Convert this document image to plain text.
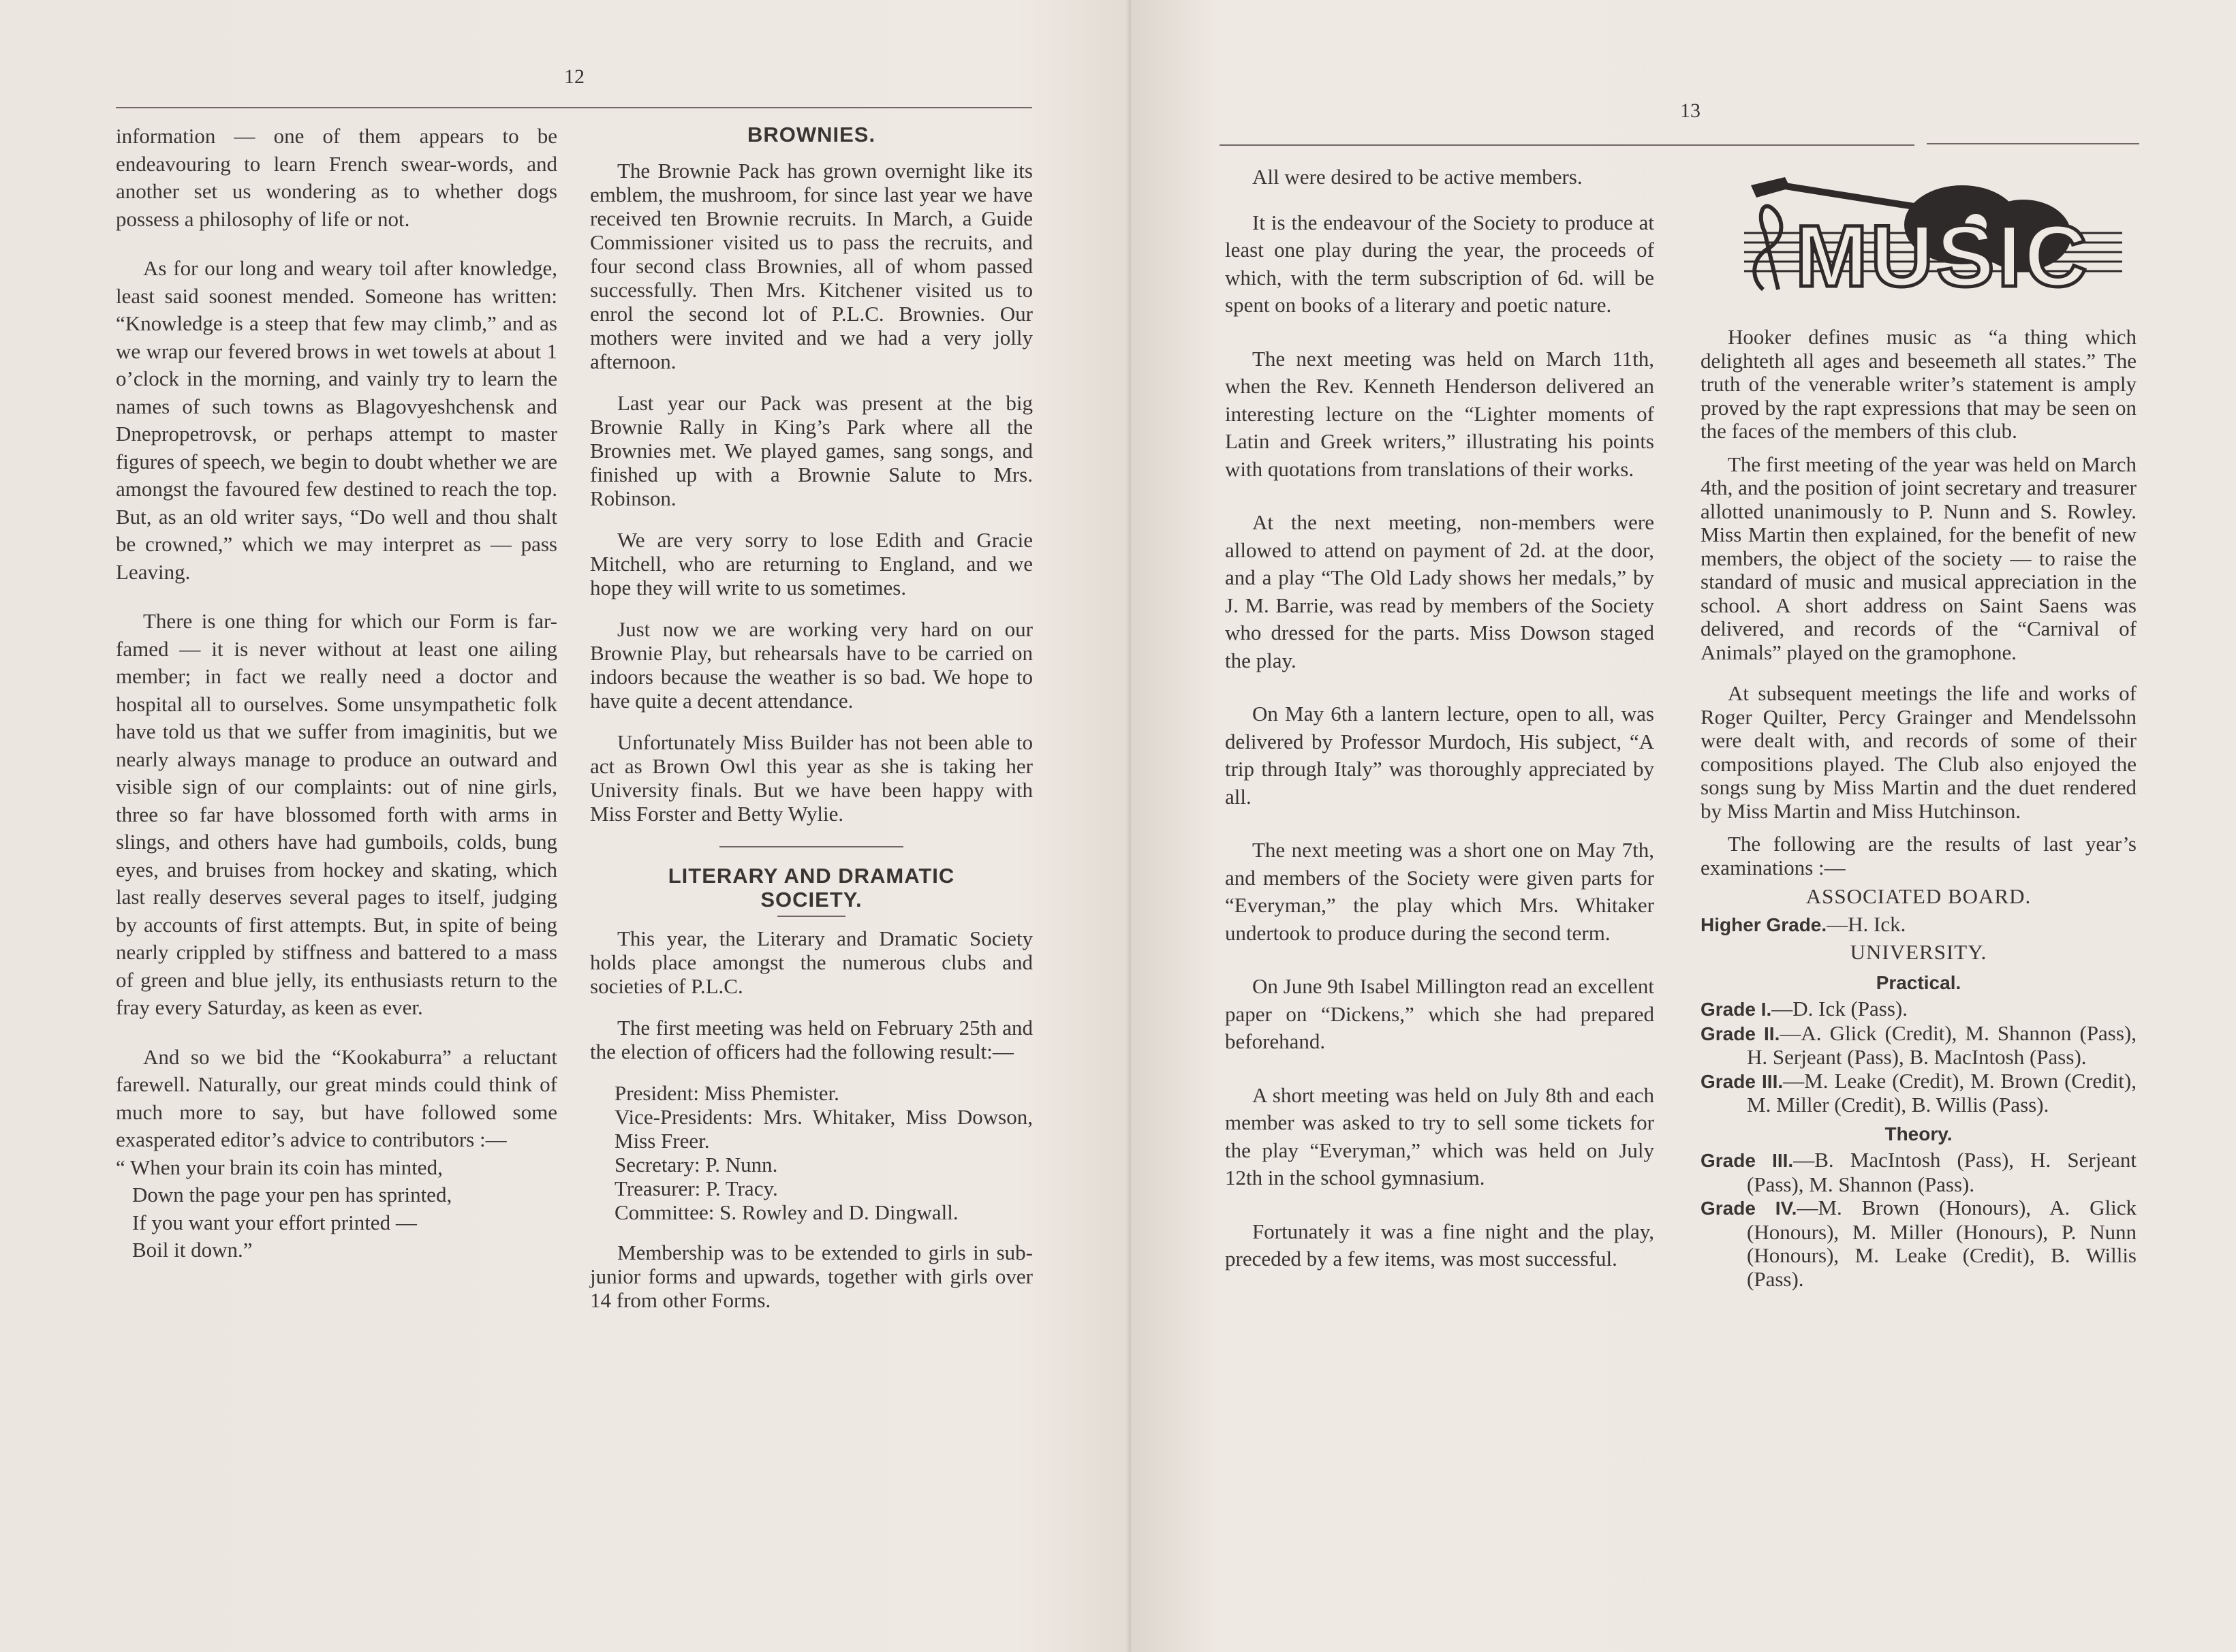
12

information — one of them appears to be endeavouring to learn French swear-words, and another set us wondering as to whether dogs possess a philosophy of life or not.

As for our long and weary toil after knowledge, least said soonest mended. Someone has written: “Knowledge is a steep that few may climb,” and as we wrap our fevered brows in wet towels at about 1 o’clock in the morning, and vainly try to learn the names of such towns as Blagovyeshchensk and Dnepropetrovsk, or perhaps attempt to master figures of speech, we begin to doubt whether we are amongst the favoured few destined to reach the top. But, as an old writer says, “Do well and thou shalt be crowned,” which we may interpret as — pass Leaving.

There is one thing for which our Form is far-famed — it is never without at least one ailing member; in fact we really need a doctor and hospital all to ourselves. Some unsympathetic folk have told us that we suffer from imaginitis, but we nearly always manage to produce an outward and visible sign of our complaints: out of nine girls, three so far have blossomed forth with arms in slings, and others have had gumboils, colds, bung eyes, and bruises from hockey and skating, which last really deserves several pages to itself, judging by accounts of first attempts. But, in spite of being nearly crippled by stiffness and battered to a mass of green and blue jelly, its enthusiasts return to the fray every Saturday, as keen as ever.

And so we bid the “Kookaburra” a reluctant farewell. Naturally, our great minds could think of much more to say, but have followed some exasperated editor’s advice to contributors :—

“ When your brain its coin has minted,
Down the page your pen has sprinted,
If you want your effort printed —
Boil it down.”
BROWNIES.

The Brownie Pack has grown overnight like its emblem, the mushroom, for since last year we have received ten Brownie recruits. In March, a Guide Commissioner visited us to pass the recruits, and four second class Brownies, all of whom passed successfully. Then Mrs. Kitchener visited us to enrol the second lot of P.L.C. Brownies. Our mothers were invited and we had a very jolly afternoon.

Last year our Pack was present at the big Brownie Rally in King’s Park where all the Brownies met. We played games, sang songs, and finished up with a Brownie Salute to Mrs. Robinson.

We are very sorry to lose Edith and Gracie Mitchell, who are returning to England, and we hope they will write to us sometimes.

Just now we are working very hard on our Brownie Play, but rehearsals have to be carried on indoors because the weather is so bad. We hope to have quite a decent attendance.

Unfortunately Miss Builder has not been able to act as Brown Owl this year as she is taking her University finals. But we have been happy with Miss Forster and Betty Wylie.

LITERARY AND DRAMATIC
SOCIETY.

This year, the Literary and Dramatic Society holds place amongst the numerous clubs and societies of P.L.C.

The first meeting was held on February 25th and the election of officers had the following result:—

President: Miss Phemister.
Vice-Presidents: Mrs. Whitaker, Miss Dowson, Miss Freer.
Secretary: P. Nunn.
Treasurer: P. Tracy.
Committee: S. Rowley and D. Dingwall.

Membership was to be extended to girls in sub-junior forms and upwards, together with girls over 14 from other Forms.

13

All were desired to be active members.

It is the endeavour of the Society to produce at least one play during the year, the proceeds of which, with the term subscription of 6d. will be spent on books of a literary and poetic nature.

The next meeting was held on March 11th, when the Rev. Kenneth Henderson delivered an interesting lecture on the “Lighter moments of Latin and Greek writers,” illustrating his points with quotations from translations of their works.

At the next meeting, non-members were allowed to attend on payment of 2d. at the door, and a play “The Old Lady shows her medals,” by J. M. Barrie, was read by members of the Society who dressed for the parts. Miss Dowson staged the play.

On May 6th a lantern lecture, open to all, was delivered by Professor Murdoch, His subject, “A trip through Italy” was thoroughly appreciated by all.

The next meeting was a short one on May 7th, and members of the Society were given parts for “Everyman,” the play which Mrs. Whitaker undertook to produce during the second term.

On June 9th Isabel Millington read an excellent paper on “Dickens,” which she had prepared beforehand.

A short meeting was held on July 8th and each member was asked to try to sell some tickets for the play “Everyman,” which was held on July 12th in the school gymnasium.

Fortunately it was a fine night and the play, preceded by a few items, was most successful.

Hooker defines music as “a thing which delighteth all ages and beseemeth all states.” The truth of the venerable writer’s statement is amply proved by the rapt expressions that may be seen on the faces of the members of this club.

The first meeting of the year was held on March 4th, and the position of joint secretary and treasurer allotted unanimously to P. Nunn and S. Rowley. Miss Martin then explained, for the benefit of new members, the object of the society — to raise the standard of music and musical appreciation in the school. A short address on Saint Saens was delivered, and records of the “Carnival of Animals” played on the gramophone.

At subsequent meetings the life and works of Roger Quilter, Percy Grainger and Mendelssohn were dealt with, and records of some of their compositions played. The Club also enjoyed the songs sung by Miss Martin and the duet rendered by Miss Martin and Miss Hutchinson.

The following are the results of last year’s examinations :—

ASSOCIATED BOARD.
Higher Grade.—H. Ick.
UNIVERSITY.
Practical.
Grade I.—D. Ick (Pass).
Grade II.—A. Glick (Credit), M. Shannon (Pass), H. Serjeant (Pass), B. MacIntosh (Pass).
Grade III.—M. Leake (Credit), M. Brown (Credit), M. Miller (Credit), B. Willis (Pass).
Theory.
Grade III.—B. MacIntosh (Pass), H. Serjeant (Pass), M. Shannon (Pass).
Grade IV.—M. Brown (Honours), A. Glick (Honours), M. Miller (Honours), P. Nunn (Honours), M. Leake (Credit), B. Willis (Pass).
MUSIC
